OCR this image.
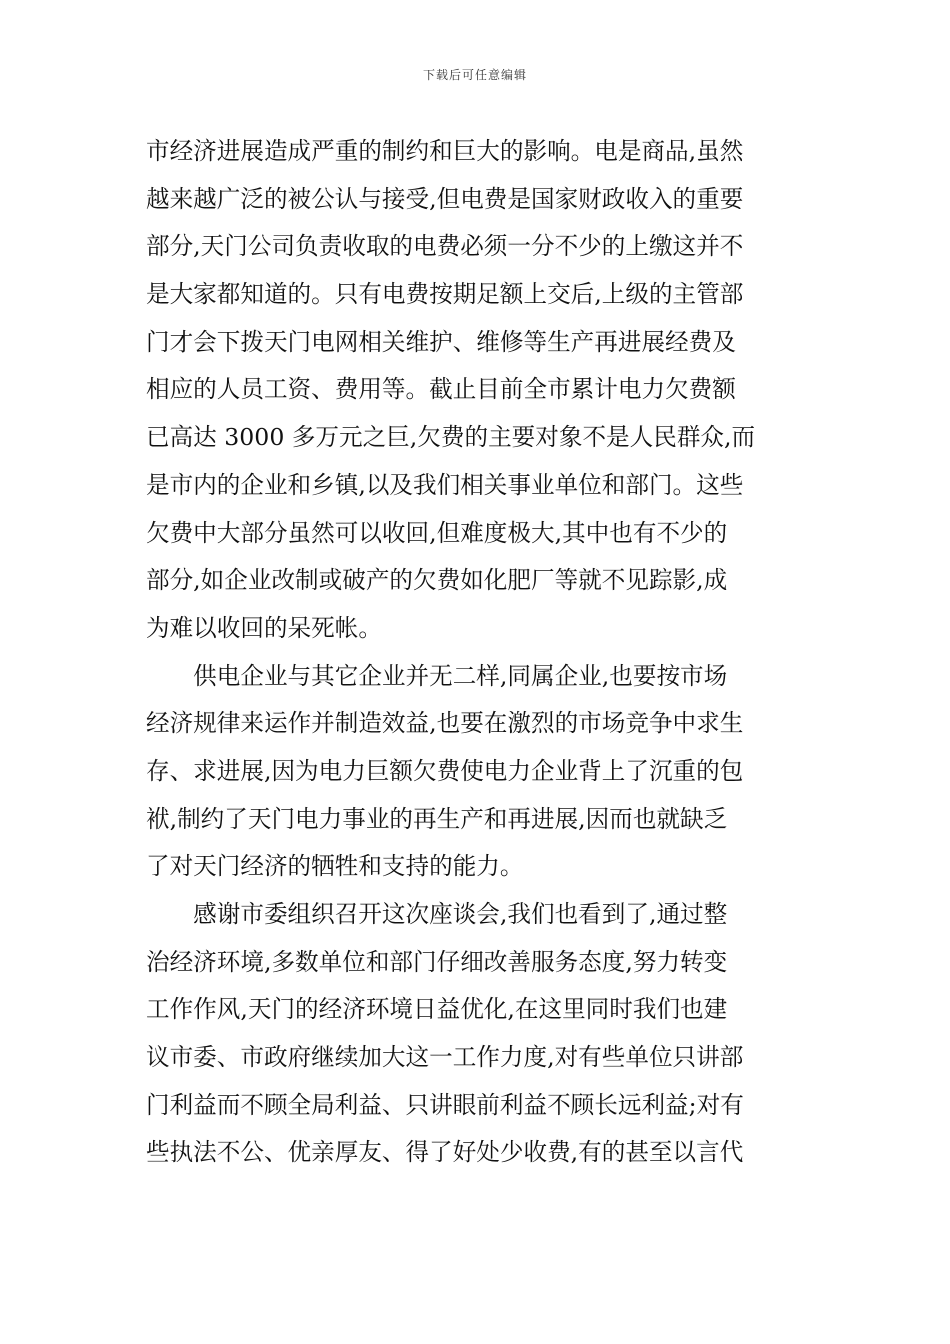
下载后可任意编辑
市经济进展造成严重的制约和巨大的影响。电是商品,虽然
越来越广泛的被公认与接受,但电费是国家财政收入的重要
部分,天门公司负责收取的电费必须一分不少的上缴这并不
是大家都知道的。只有电费按期足额上交后,上级的主管部
门才会下拨天门电网相关维护、维修等生产再进展经费及
相应的人员工资、费用等。截止目前全市累计电力欠费额
已高达 3000 多万元之巨,欠费的主要对象不是人民群众,而
是市内的企业和乡镇,以及我们相关事业单位和部门。这些
欠费中大部分虽然可以收回,但难度极大,其中也有不少的
部分,如企业改制或破产的欠费如化肥厂等就不见踪影,成
为难以收回的呆死帐。
　　供电企业与其它企业并无二样,同属企业,也要按市场
经济规律来运作并制造效益,也要在激烈的市场竞争中求生
存、求进展,因为电力巨额欠费使电力企业背上了沉重的包
袱,制约了天门电力事业的再生产和再进展,因而也就缺乏
了对天门经济的牺牲和支持的能力。
　　感谢市委组织召开这次座谈会,我们也看到了,通过整
治经济环境,多数单位和部门仔细改善服务态度,努力转变
工作作风,天门的经济环境日益优化,在这里同时我们也建
议市委、市政府继续加大这一工作力度,对有些单位只讲部
门利益而不顾全局利益、只讲眼前利益不顾长远利益;对有
些执法不公、优亲厚友、得了好处少收费,有的甚至以言代
